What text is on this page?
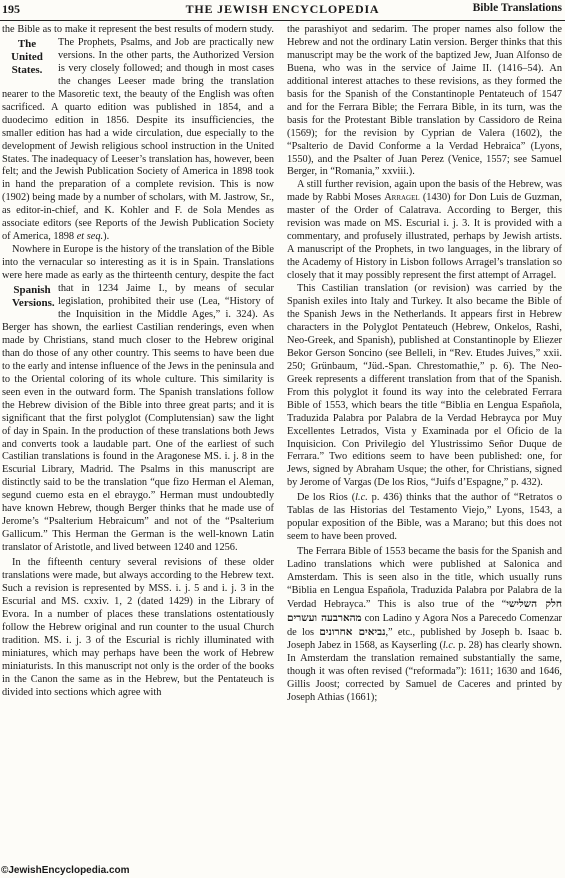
195	THE JEWISH ENCYCLOPEDIA	Bible Translations

the Bible as to make it represent the best results of modern study. The Prophets, Psalms, and Job
The
United
States.
are practically new versions. In the other parts, the Authorized Version is very closely followed; and though in most cases the changes Leeser made bring the translation nearer to the Masoretic text, the beauty of the English was often sacrificed. A quarto edition was published in 1854, and a duodecimo edition in 1856. Despite its insufficiencies, the smaller edition has had a wide circulation, due especially to the development of Jewish religious school instruction in the United States. The inadequacy of Leeser’s translation has, however, been felt; and the Jewish Publication Society of America in 1898 took in hand the preparation of a complete revision. This is now (1902) being made by a number of scholars, with M. Jastrow, Sr., as editor-in-chief, and K. Kohler and F. de Sola Mendes as associate editors (see Reports of the Jewish Publication Society of America, 1898 et seq.).

Nowhere in Europe is the history of the translation of the Bible into the vernacular so interesting as it is in Spain. Translations were here made as early as the thirteenth century, despite the fact that
Spanish
Versions.
in 1234 Jaime I., by means of secular legislation, prohibited their use (Lea, “History of the Inquisition in the Middle Ages,” i. 324). As Berger has shown, the earliest Castilian renderings, even when made by Christians, stand much closer to the Hebrew original than do those of any other country. This seems to have been due to the early and intense influence of the Jews in the peninsula and to the Oriental coloring of its whole culture. This similarity is seen even in the outward form. The Spanish translations follow the Hebrew division of the Bible into three great parts; and it is significant that the first polyglot (Complutensian) saw the light of day in Spain. In the production of these translations both Jews and converts took a laudable part. One of the earliest of such Castilian translations is found in the Aragonese MS. i. j. 8 in the Escurial Library, Madrid. The Psalms in this manuscript are distinctly said to be the translation “que fizo Herman el Aleman, segund cuemo esta en el ebraygo.” Herman must undoubtedly have known Hebrew, though Berger thinks that he made use of Jerome’s “Psalterium Hebraicum” and not of the “Psalterium Gallicum.” This Herman the German is the well-known Latin translator of Aristotle, and lived between 1240 and 1256.

In the fifteenth century several revisions of these older translations were made, but always according to the Hebrew text. Such a revision is represented by MSS. i. j. 5 and i. j. 3 in the Escurial and MS. cxxiv. 1, 2 (dated 1429) in the Library of Evora. In a number of places these translations ostentatiously follow the Hebrew original and run counter to the usual Church tradition. MS. i. j. 3 of the Escurial is richly illuminated with miniatures, which may perhaps have been the work of Hebrew miniaturists. In this manuscript not only is the order of the books in the Canon the same as in the Hebrew, but the Pentateuch is divided into sections which agree with

the parashiyot and sedarim. The proper names also follow the Hebrew and not the ordinary Latin version. Berger thinks that this manuscript may be the work of the baptized Jew, Juan Alfonso de Buena, who was in the service of Jaime II. (1416–54). An additional interest attaches to these revisions, as they formed the basis for the Spanish of the Constantinople Pentateuch of 1547 and for the Ferrara Bible; the Ferrara Bible, in its turn, was the basis for the Protestant Bible translation by Cassidoro de Reina (1569); for the revision by Cyprian de Valera (1602), the “Psalterio de David Conforme a la Verdad Hebraica” (Lyons, 1550), and the Psalter of Juan Perez (Venice, 1557; see Samuel Berger, in “Romania,” xxviii.).

A still further revision, again upon the basis of the Hebrew, was made by Rabbi Moses Arragel (1430) for Don Luis de Guzman, master of the Order of Calatrava. According to Berger, this revision was made on MS. Escurial i. j. 3. It is provided with a commentary, and profusely illustrated, perhaps by Jewish artists. A manuscript of the Prophets, in two languages, in the library of the Academy of History in Lisbon follows Arragel’s translation so closely that it may possibly represent the first attempt of Arragel.

This Castilian translation (or revision) was carried by the Spanish exiles into Italy and Turkey. It also became the Bible of the Spanish Jews in the Netherlands. It appears first in Hebrew characters in the Polyglot Pentateuch (Hebrew, Onkelos, Rashi, Neo-Greek, and Spanish), published at Constantinople by Eliezer Bekor Gerson Soncino (see Belleli, in “Rev. Etudes Juives,” xxii. 250; Grünbaum, “Jüd.-Span. Chrestomathie,” p. 6). The Neo-Greek represents a different translation from that of the Spanish. From this polyglot it found its way into the celebrated Ferrara Bible of 1553, which bears the title “Biblia en Lengua Española, Traduzida Palabra por Palabra de la Verdad Hebrayca por Muy Excellentes Letrados, Vista y Examinada por el Oficio de la Inquisicion. Con Privilegio del Ylustrissimo Señor Duque de Ferrara.” Two editions seem to have been published: one, for Jews, signed by Abraham Usque; the other, for Christians, signed by Jerome of Vargas (De los Rios, “Juifs d’Espagne,” p. 432).

De los Rios (l.c. p. 436) thinks that the author of “Retratos o Tablas de las Historias del Testamento Viejo,” Lyons, 1543, a popular exposition of the Bible, was a Marano; but this does not seem to have been proved.

The Ferrara Bible of 1553 became the basis for the Spanish and Ladino translations which were published at Salonica and Amsterdam. This is seen also in the title, which usually runs “Biblia en Lengua Española, Traduzida Palabra por Palabra de la Verdad Hebrayca.” This is also true of the “חלק השלישי מהארבעה ועשרים con Ladino y Agora Nos a Parecedo Comenzar de los נביאים אחרונים,” etc., published by Joseph b. Isaac b. Joseph Jabez in 1568, as Kayserling (l.c. p. 28) has clearly shown. In Amsterdam the translation remained substantially the same, though it was often revised (“reformada”): 1611; 1630 and 1646, Gillis Joost; corrected by Samuel de Caceres and printed by Joseph Athias (1661);

©JewishEncyclopedia.com
